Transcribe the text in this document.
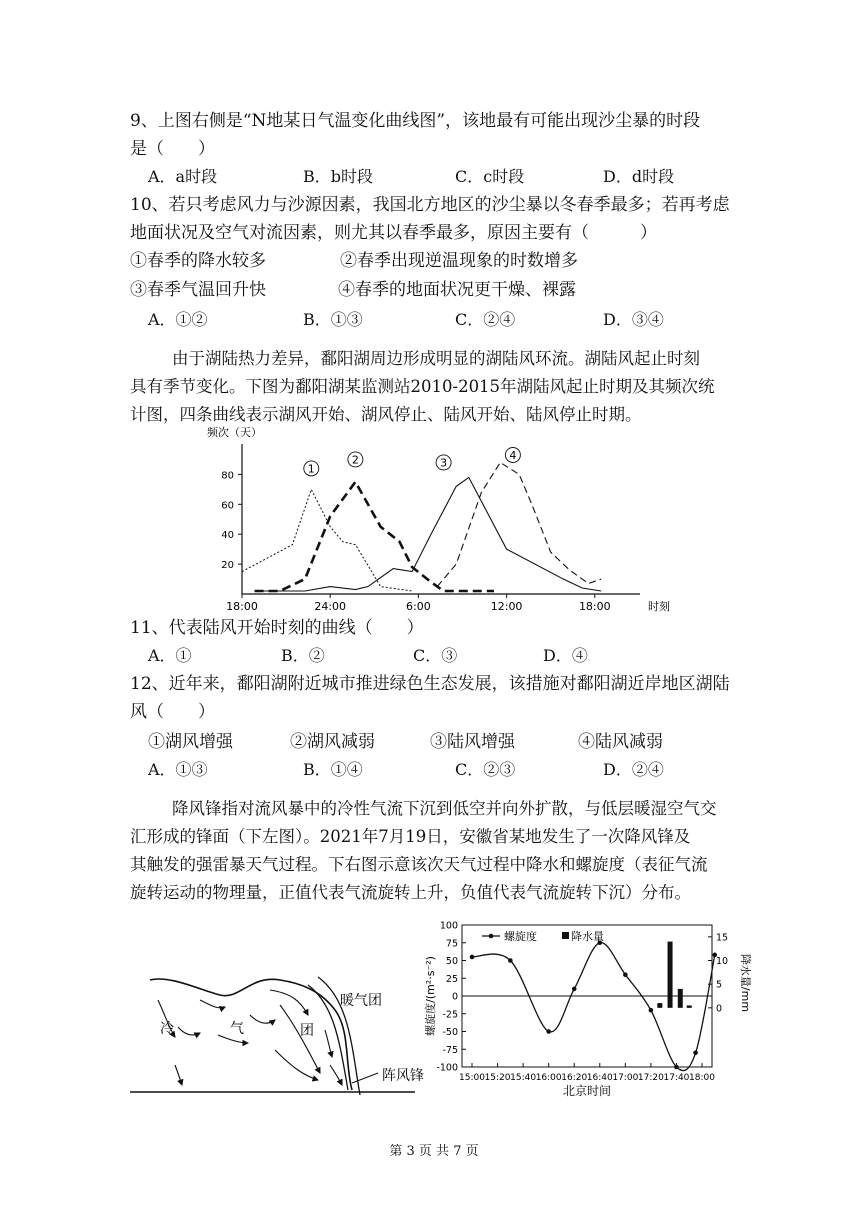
9、上图右侧是“N地某日气温变化曲线图”，该地最有可能出现沙尘暴的时段
是（　　）
A．a时段	B．b时段	C．c时段	D．d时段
10、若只考虑风力与沙源因素，我国北方地区的沙尘暴以冬春季最多；若再考虑
地面状况及空气对流因素，则尤其以春季最多，原因主要有（　　　）
①春季的降水较多	②春季出现逆温现象的时数增多
③春季气温回升快	④春季的地面状况更干燥、裸露
A．①②	B．①③	C．②④	D．③④
由于湖陆热力差异，鄱阳湖周边形成明显的湖陆风环流。湖陆风起止时刻
具有季节变化。下图为鄱阳湖某监测站2010-2015年湖陆风起止时期及其频次统
计图，四条曲线表示湖风开始、湖风停止、陆风开始、陆风停止时期。
20
40
60
80
18:00	24:00	6:00	12:00	18:00	时刻
频次（天）
1
2	3
4
11、代表陆风开始时刻的曲线（　　）
A．①	B．②	C．③	D．④
12、近年来，鄱阳湖附近城市推进绿色生态发展，该措施对鄱阳湖近岸地区湖陆
风（　　）
①湖风增强	②湖风减弱	③陆风增强	④陆风减弱
A．①③	B．①④	C．②③	D．②④
降风锋指对流风暴中的冷性气流下沉到低空并向外扩散，与低层暖湿空气交
汇形成的锋面（下左图）。2021年7月19日，安徽省某地发生了一次降风锋及
其触发的强雷暴天气过程。下右图示意该次天气过程中降水和螺旋度（表征气流
旋转运动的物理量，正值代表气流旋转上升，负值代表气流旋转下沉）分布。
冷	气	团
暖气团
阵风锋
100
75
50
25
0
-25
-50
-75
-100
15
10
5
0
15:00 15:20 15:40 16:00 16:20 16:40 17:00 17:20 17:40 18:00
北京时间
螺旋度/(m²·s⁻²)	降水量/mm
螺旋度	降水量
第 3 页 共 7 页
